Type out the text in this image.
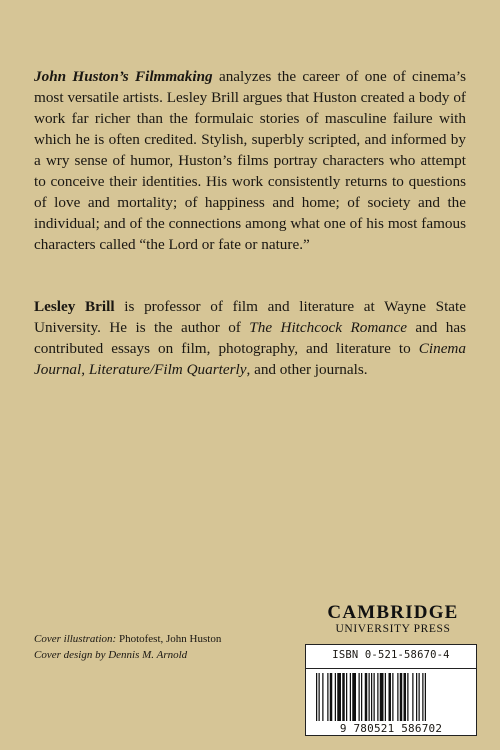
John Huston’s Filmmaking analyzes the career of one of cinema’s most versatile artists. Lesley Brill argues that Huston created a body of work far richer than the formulaic stories of masculine failure with which he is often credited. Stylish, superbly scripted, and informed by a wry sense of humor, Huston’s films portray characters who attempt to conceive their identities. His work consistently returns to questions of love and mortality; of happiness and home; of society and the individual; and of the connections among what one of his most famous characters called “the Lord or fate or nature.”

Lesley Brill is professor of film and literature at Wayne State University. He is the author of The Hitchcock Romance and has contributed essays on film, photography, and literature to Cinema Journal, Literature/Film Quarterly, and other journals.

Cover illustration: Photofest, John Huston
Cover design by Dennis M. Arnold
CAMBRIDGE
UNIVERSITY PRESS
ISBN 0-521-58670-4
9 780521 586702
